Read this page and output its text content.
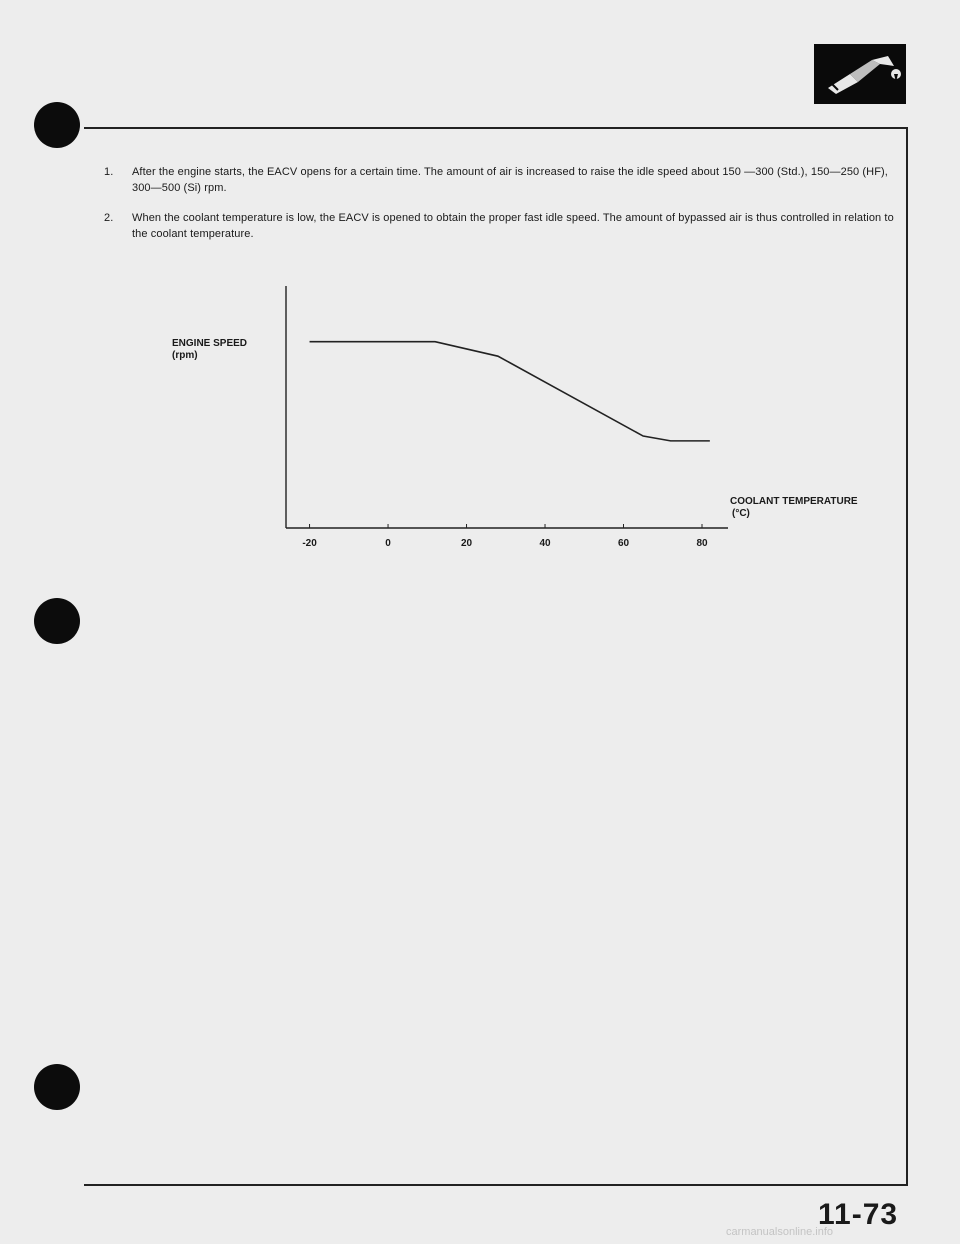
1.	After the engine starts, the EACV opens for a certain time. The amount of air is increased to raise the idle speed about 150 —300 (Std.), 150—250 (HF), 300—500 (Si) rpm.
2.	When the coolant temperature is low, the EACV is opened to obtain the proper fast idle speed. The amount of bypassed air is thus controlled in relation to the coolant temperature.
ENGINE SPEED
(rpm)
COOLANT TEMPERATURE
(°C)
-20	0	20	40	60	80
11-73
carmanualsonline.info
